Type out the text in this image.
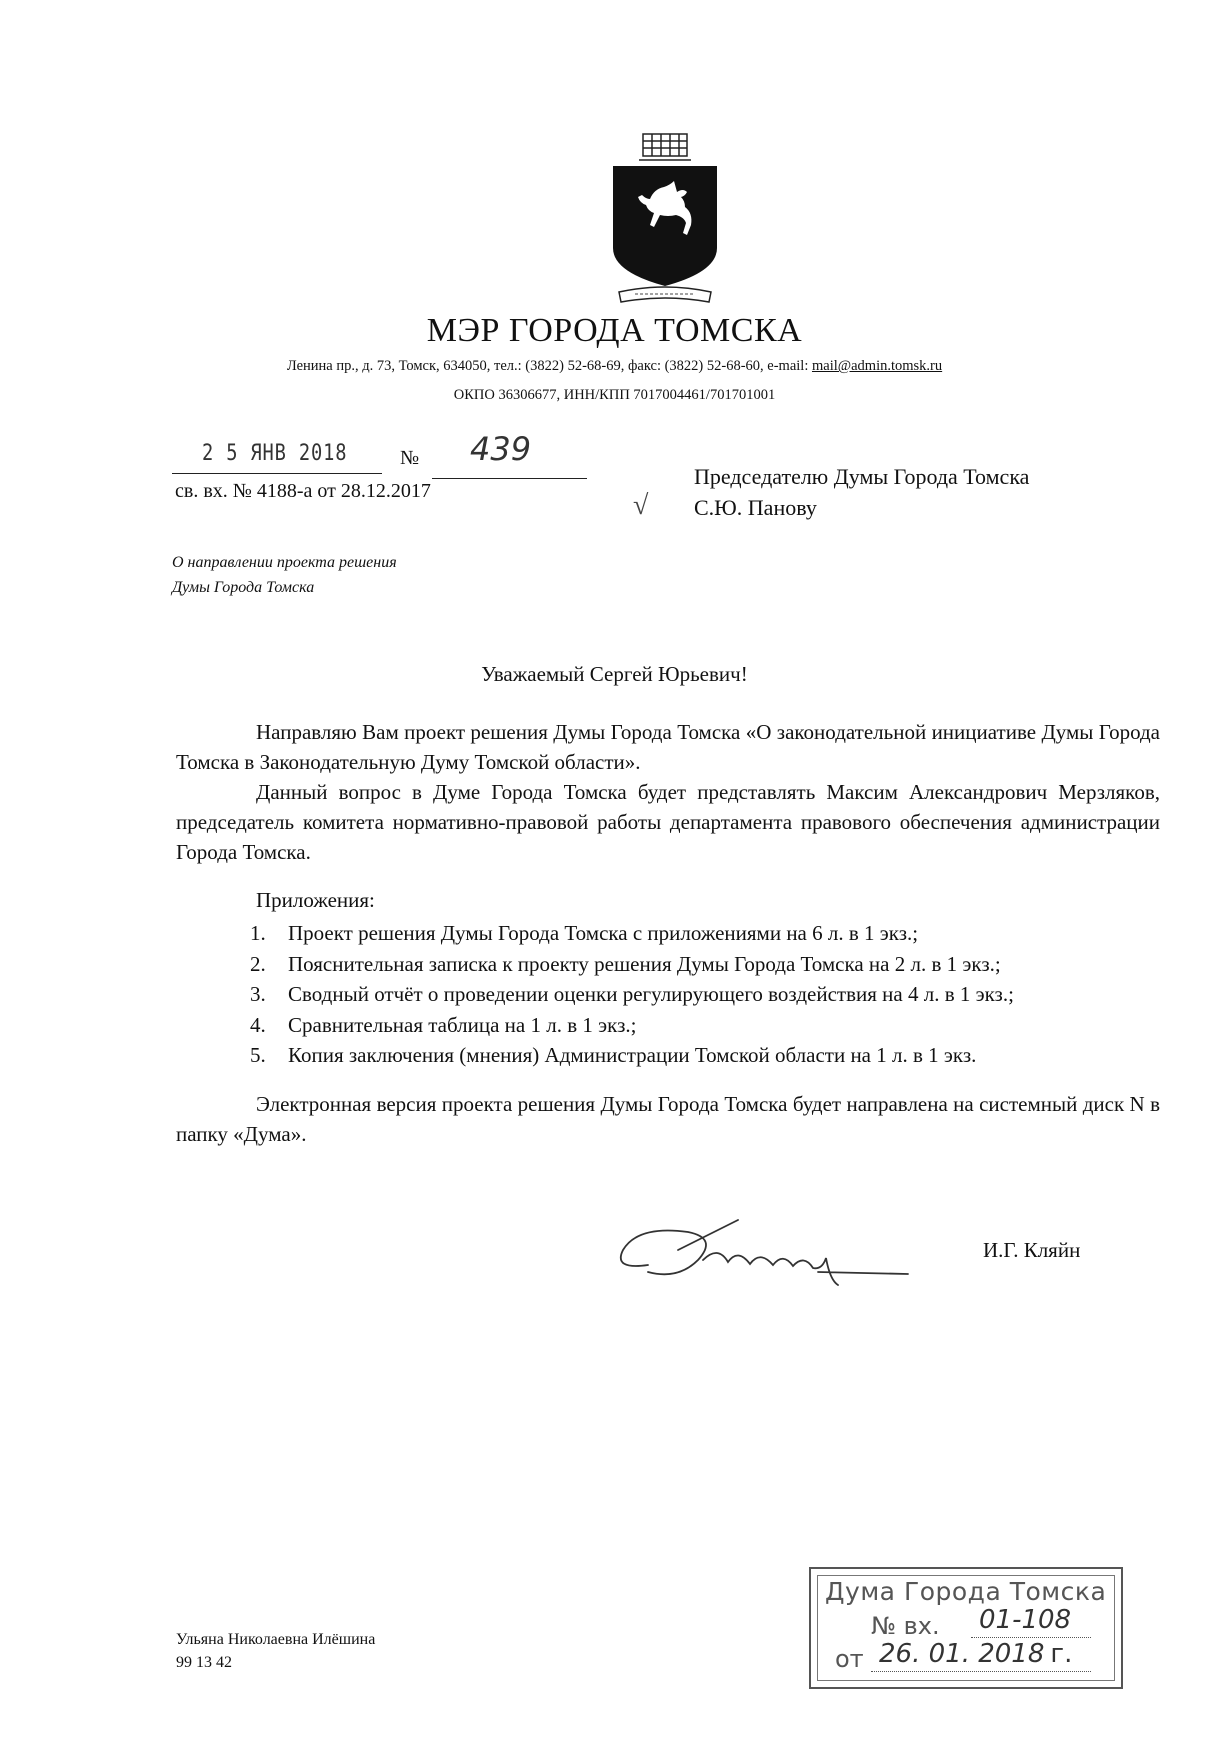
МЭР ГОРОДА ТОМСКА
Ленина пр., д. 73, Томск, 634050, тел.: (3822) 52-68-69, факс: (3822) 52-68-60, e-mail: mail@admin.tomsk.ru
ОКПО 36306677, ИНН/КПП 7017004461/701701001
2 5 ЯНВ 2018	№ 439
св. вх. № 4188-а от 28.12.2017	√
Председателю Думы Города Томска
С.Ю. Панову
О направлении проекта решения
Думы Города Томска
Уважаемый Сергей Юрьевич!

Направляю Вам проект решения Думы Города Томска «О законодательной инициативе Думы Города Томска в Законодательную Думу Томской области».

Данный вопрос в Думе Города Томска будет представлять Максим Александрович Мерзляков, председатель комитета нормативно-правовой работы департамента правового обеспечения администрации Города Томска.

Приложения:
1.	Проект решения Думы Города Томска с приложениями на 6 л. в 1 экз.;
2.	Пояснительная записка к проекту решения Думы Города Томска на 2 л. в 1 экз.;
3.	Сводный отчёт о проведении оценки регулирующего воздействия на 4 л. в 1 экз.;
4.	Сравнительная таблица на 1 л. в 1 экз.;
5.	Копия заключения (мнения) Администрации Томской области на 1 л. в 1 экз.

Электронная версия проекта решения Думы Города Томска будет направлена на системный диск N в папку «Дума».

И.Г. Кляйн
Ульяна Николаевна Илёшина
99 13 42
Дума Города Томска
№ вх. 01-108
от 26. 01. 2018 г.
